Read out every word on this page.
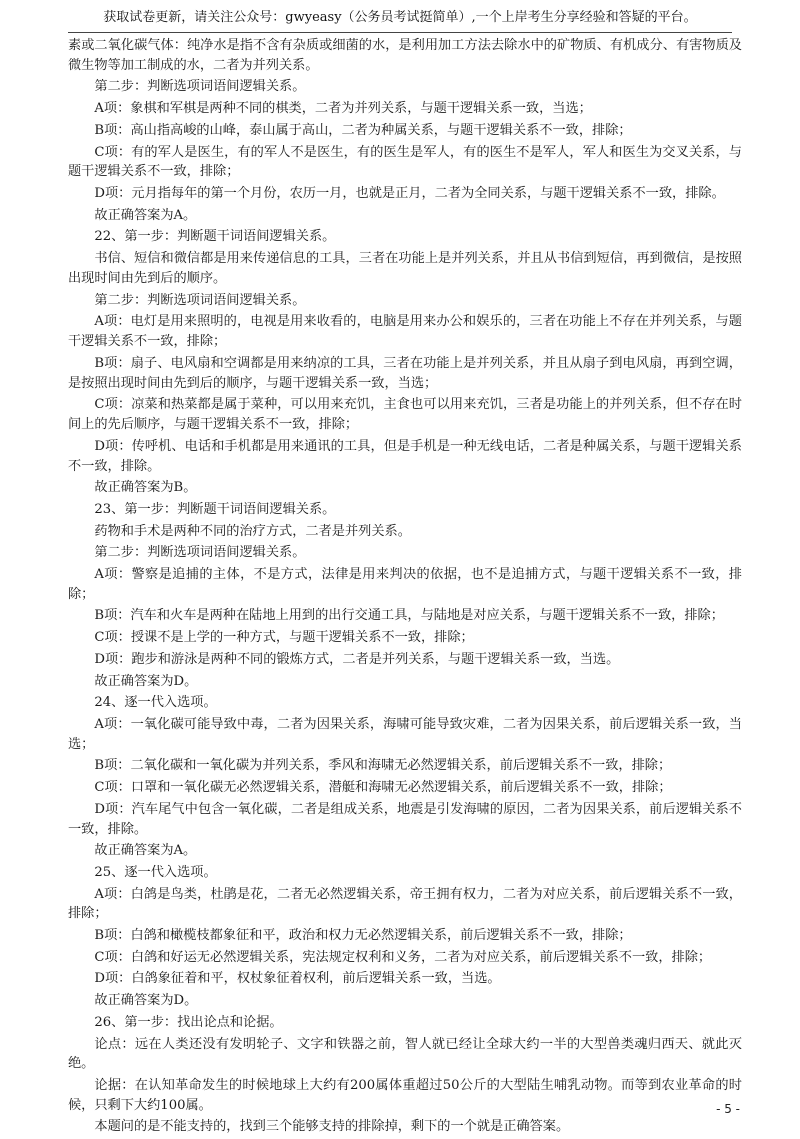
获取试卷更新，请关注公众号：gwyeasy（公务员考试挺简单）,一个上岸考生分享经验和答疑的平台。

素或二氧化碳气体：纯净水是指不含有杂质或细菌的水，是利用加工方法去除水中的矿物质、有机成分、有害物质及微生物等加工制成的水，二者为并列关系。

第二步：判断选项词语间逻辑关系。

A项：象棋和军棋是两种不同的棋类，二者为并列关系，与题干逻辑关系一致，当选；

B项：高山指高峻的山峰，泰山属于高山，二者为种属关系，与题干逻辑关系不一致，排除；

C项：有的军人是医生，有的军人不是医生，有的医生是军人，有的医生不是军人，军人和医生为交叉关系，与题干逻辑关系不一致，排除；

D项：元月指每年的第一个月份，农历一月，也就是正月，二者为全同关系，与题干逻辑关系不一致，排除。

故正确答案为A。

22、第一步：判断题干词语间逻辑关系。

书信、短信和微信都是用来传递信息的工具，三者在功能上是并列关系，并且从书信到短信，再到微信，是按照出现时间由先到后的顺序。

第二步：判断选项词语间逻辑关系。

A项：电灯是用来照明的，电视是用来收看的，电脑是用来办公和娱乐的，三者在功能上不存在并列关系，与题干逻辑关系不一致，排除；

B项：扇子、电风扇和空调都是用来纳凉的工具，三者在功能上是并列关系，并且从扇子到电风扇，再到空调，是按照出现时间由先到后的顺序，与题干逻辑关系一致，当选；

C项：凉菜和热菜都是属于菜种，可以用来充饥，主食也可以用来充饥，三者是功能上的并列关系，但不存在时间上的先后顺序，与题干逻辑关系不一致，排除；

D项：传呼机、电话和手机都是用来通讯的工具，但是手机是一种无线电话，二者是种属关系，与题干逻辑关系不一致，排除。

故正确答案为B。

23、第一步：判断题干词语间逻辑关系。

药物和手术是两种不同的治疗方式，二者是并列关系。

第二步：判断选项词语间逻辑关系。

A项：警察是追捕的主体，不是方式，法律是用来判决的依据，也不是追捕方式，与题干逻辑关系不一致，排除；

B项：汽车和火车是两种在陆地上用到的出行交通工具，与陆地是对应关系，与题干逻辑关系不一致，排除；

C项：授课不是上学的一种方式，与题干逻辑关系不一致，排除；

D项：跑步和游泳是两种不同的锻炼方式，二者是并列关系，与题干逻辑关系一致，当选。

故正确答案为D。

24、逐一代入选项。

A项：一氧化碳可能导致中毒，二者为因果关系，海啸可能导致灾难，二者为因果关系，前后逻辑关系一致，当选；

B项：二氧化碳和一氧化碳为并列关系，季风和海啸无必然逻辑关系，前后逻辑关系不一致，排除；

C项：口罩和一氧化碳无必然逻辑关系，潜艇和海啸无必然逻辑关系，前后逻辑关系不一致，排除；

D项：汽车尾气中包含一氧化碳，二者是组成关系，地震是引发海啸的原因，二者为因果关系，前后逻辑关系不一致，排除。

故正确答案为A。

25、逐一代入选项。

A项：白鸽是鸟类，杜鹃是花，二者无必然逻辑关系，帝王拥有权力，二者为对应关系，前后逻辑关系不一致，排除；

B项：白鸽和橄榄枝都象征和平，政治和权力无必然逻辑关系，前后逻辑关系不一致，排除；

C项：白鸽和好运无必然逻辑关系，宪法规定权利和义务，二者为对应关系，前后逻辑关系不一致，排除；

D项：白鸽象征着和平，权杖象征着权利，前后逻辑关系一致，当选。

故正确答案为D。

26、第一步：找出论点和论据。

论点：远在人类还没有发明轮子、文字和铁器之前，智人就已经让全球大约一半的大型兽类魂归西天、就此灭绝。

论据：在认知革命发生的时候地球上大约有200属体重超过50公斤的大型陆生哺乳动物。而等到农业革命的时候，只剩下大约100属。

本题问的是不能支持的，找到三个能够支持的排除掉，剩下的一个就是正确答案。

- 5 -
